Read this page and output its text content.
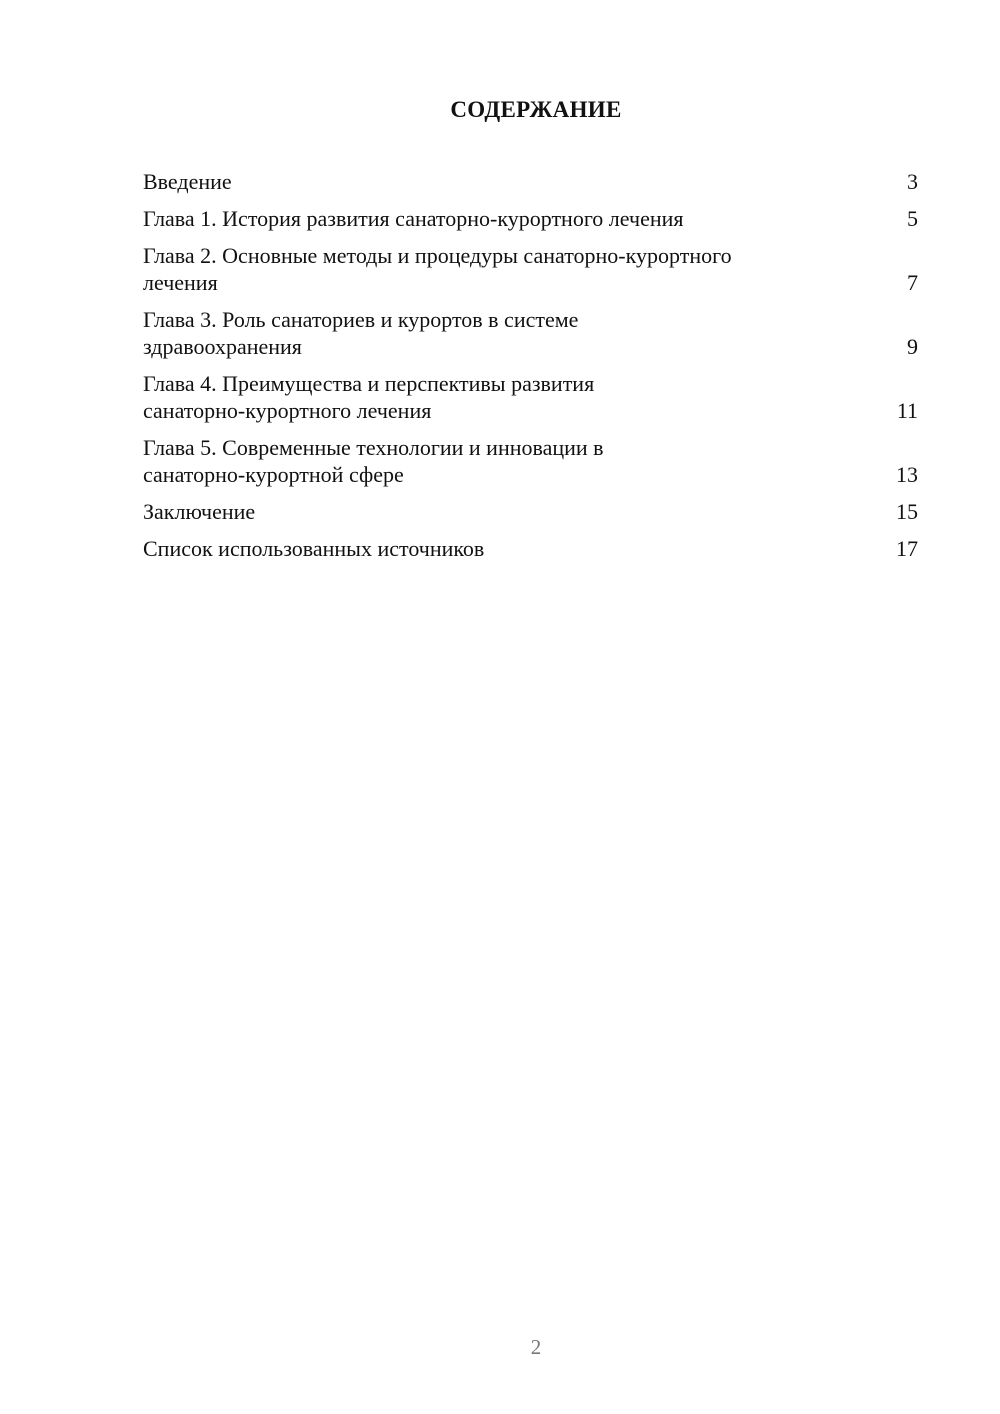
СОДЕРЖАНИЕ
Введение	3
Глава 1. История развития санаторно-курортного лечения	5
Глава 2. Основные методы и процедуры санаторно-курортного
лечения	7
Глава 3. Роль санаториев и курортов в системе
здравоохранения	9
Глава 4. Преимущества и перспективы развития
санаторно-курортного лечения	11
Глава 5. Современные технологии и инновации в
санаторно-курортной сфере	13
Заключение	15
Список использованных источников	17
2
